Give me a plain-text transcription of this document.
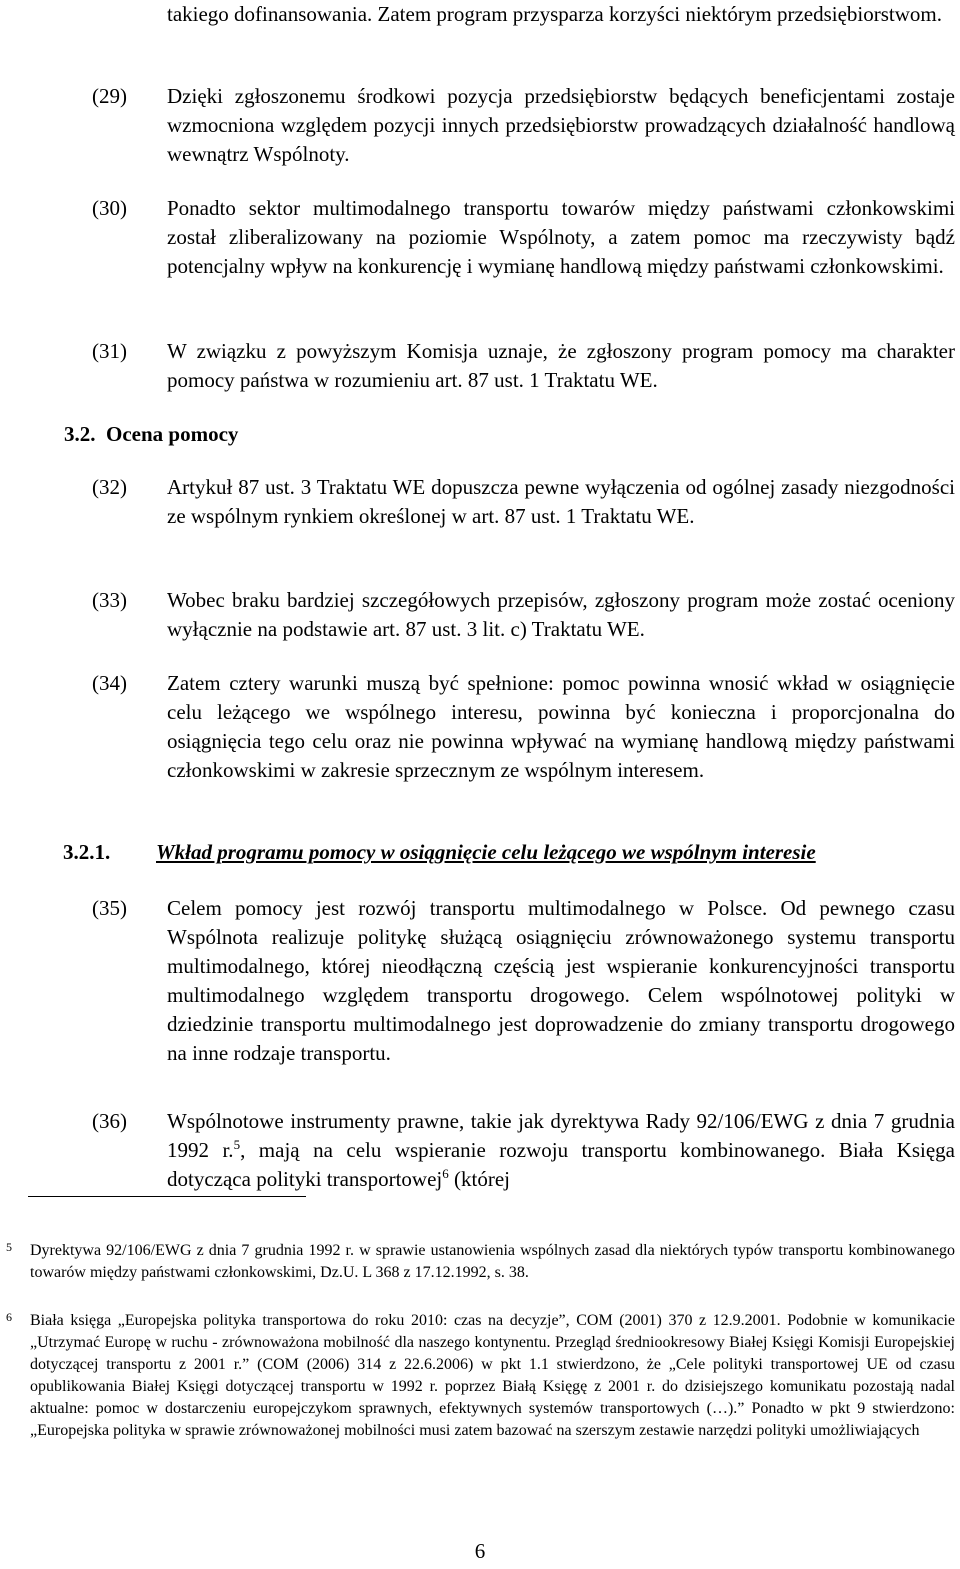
takiego dofinansowania. Zatem program przysparza korzyści niektórym przedsiębiorstwom.
(29) Dzięki zgłoszonemu środkowi pozycja przedsiębiorstw będących beneficjentami zostaje wzmocniona względem pozycji innych przedsiębiorstw prowadzących działalność handlową wewnątrz Wspólnoty.
(30) Ponadto sektor multimodalnego transportu towarów między państwami członkowskimi został zliberalizowany na poziomie Wspólnoty, a zatem pomoc ma rzeczywisty bądź potencjalny wpływ na konkurencję i wymianę handlową między państwami członkowskimi.
(31) W związku z powyższym Komisja uznaje, że zgłoszony program pomocy ma charakter pomocy państwa w rozumieniu art. 87 ust. 1 Traktatu WE.
3.2. Ocena pomocy
(32) Artykuł 87 ust. 3 Traktatu WE dopuszcza pewne wyłączenia od ogólnej zasady niezgodności ze wspólnym rynkiem określonej w art. 87 ust. 1 Traktatu WE.
(33) Wobec braku bardziej szczegółowych przepisów, zgłoszony program może zostać oceniony wyłącznie na podstawie art. 87 ust. 3 lit. c) Traktatu WE.
(34) Zatem cztery warunki muszą być spełnione: pomoc powinna wnosić wkład w osiągnięcie celu leżącego we wspólnego interesu, powinna być konieczna i proporcjonalna do osiągnięcia tego celu oraz nie powinna wpływać na wymianę handlową między państwami członkowskimi w zakresie sprzecznym ze wspólnym interesem.
3.2.1. Wkład programu pomocy w osiągnięcie celu leżącego we wspólnym interesie
(35) Celem pomocy jest rozwój transportu multimodalnego w Polsce. Od pewnego czasu Wspólnota realizuje politykę służącą osiągnięciu zrównoważonego systemu transportu multimodalnego, której nieodłączną częścią jest wspieranie konkurencyjności transportu multimodalnego względem transportu drogowego. Celem wspólnotowej polityki w dziedzinie transportu multimodalnego jest doprowadzenie do zmiany transportu drogowego na inne rodzaje transportu.
(36) Wspólnotowe instrumenty prawne, takie jak dyrektywa Rady 92/106/EWG z dnia 7 grudnia 1992 r.$^5$, mają na celu wspieranie rozwoju transportu kombinowanego. Biała Księga dotycząca polityki transportowej$^6$ (której
5 Dyrektywa 92/106/EWG z dnia 7 grudnia 1992 r. w sprawie ustanowienia wspólnych zasad dla niektórych typów transportu kombinowanego towarów między państwami członkowskimi, Dz.U. L 368 z 17.12.1992, s. 38.
6 Biała księga „Europejska polityka transportowa do roku 2010: czas na decyzje”, COM (2001) 370 z 12.9.2001. Podobnie w komunikacie „Utrzymać Europę w ruchu - zrównoważona mobilność dla naszego kontynentu. Przegląd średniookresowy Białej Księgi Komisji Europejskiej dotyczącej transportu z 2001 r.” (COM (2006) 314 z 22.6.2006) w pkt 1.1 stwierdzono, że „Cele polityki transportowej UE od czasu opublikowania Białej Księgi dotyczącej transportu w 1992 r. poprzez Białą Księgę z 2001 r. do dzisiejszego komunikatu pozostają nadal aktualne: pomoc w dostarczeniu europejczykom sprawnych, efektywnych systemów transportowych (…).” Ponadto w pkt 9 stwierdzono: „Europejska polityka w sprawie zrównoważonej mobilności musi zatem bazować na szerszym zestawie narzędzi polityki umożliwiających
6
